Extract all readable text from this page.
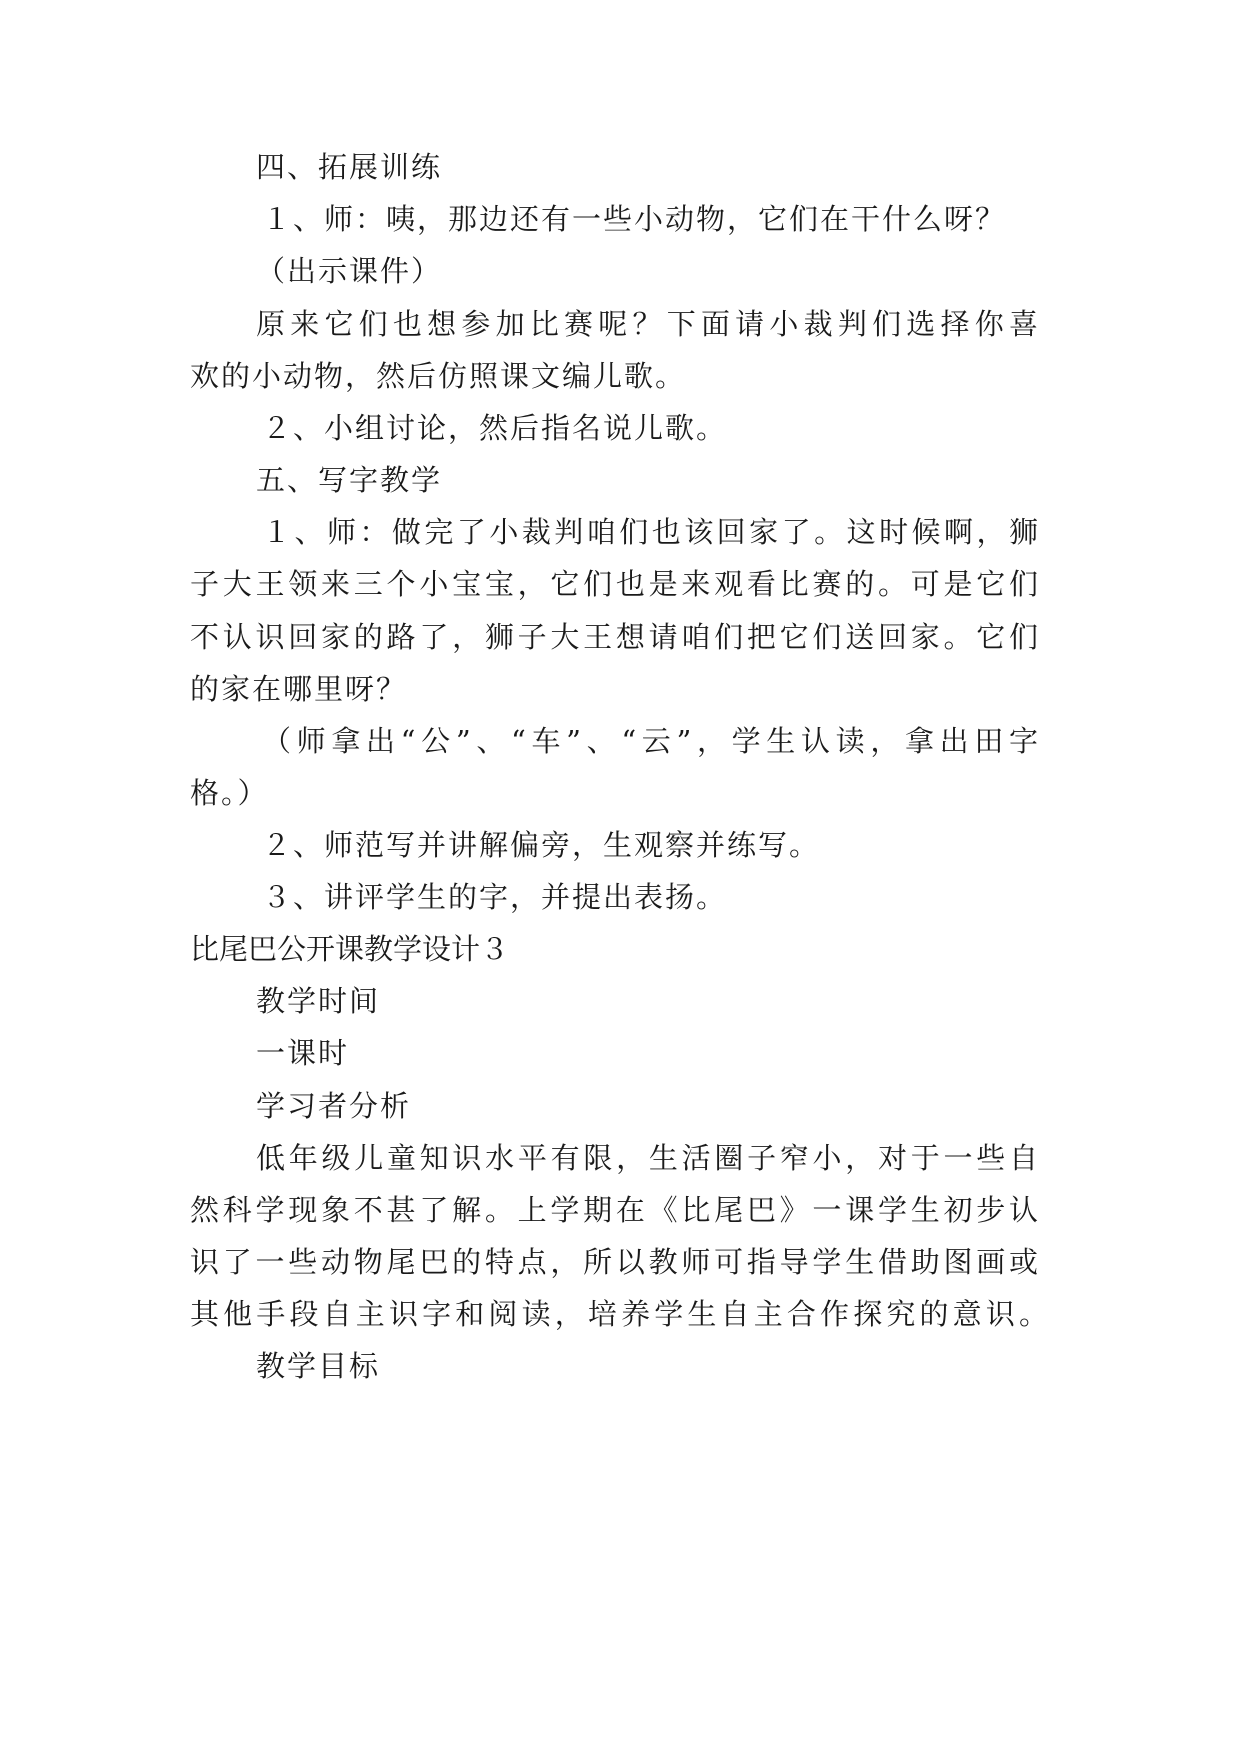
四、拓展训练
１、师：咦，那边还有一些小动物，它们在干什么呀？
（出示课件）
原来它们也想参加比赛呢？下面请小裁判们选择你喜
欢的小动物，然后仿照课文编儿歌。
２、小组讨论，然后指名说儿歌。
五、写字教学
１、师：做完了小裁判咱们也该回家了。这时候啊，狮
子大王领来三个小宝宝，它们也是来观看比赛的。可是它们
不认识回家的路了，狮子大王想请咱们把它们送回家。它们
的家在哪里呀？
（师拿出“公”、“车”、“云”，学生认读，拿出田字
格。）
２、师范写并讲解偏旁，生观察并练写。
３、讲评学生的字，并提出表扬。
比尾巴公开课教学设计３
教学时间
一课时
学习者分析
低年级儿童知识水平有限，生活圈子窄小，对于一些自
然科学现象不甚了解。上学期在《比尾巴》一课学生初步认
识了一些动物尾巴的特点，所以教师可指导学生借助图画或
其他手段自主识字和阅读，培养学生自主合作探究的意识。
教学目标
